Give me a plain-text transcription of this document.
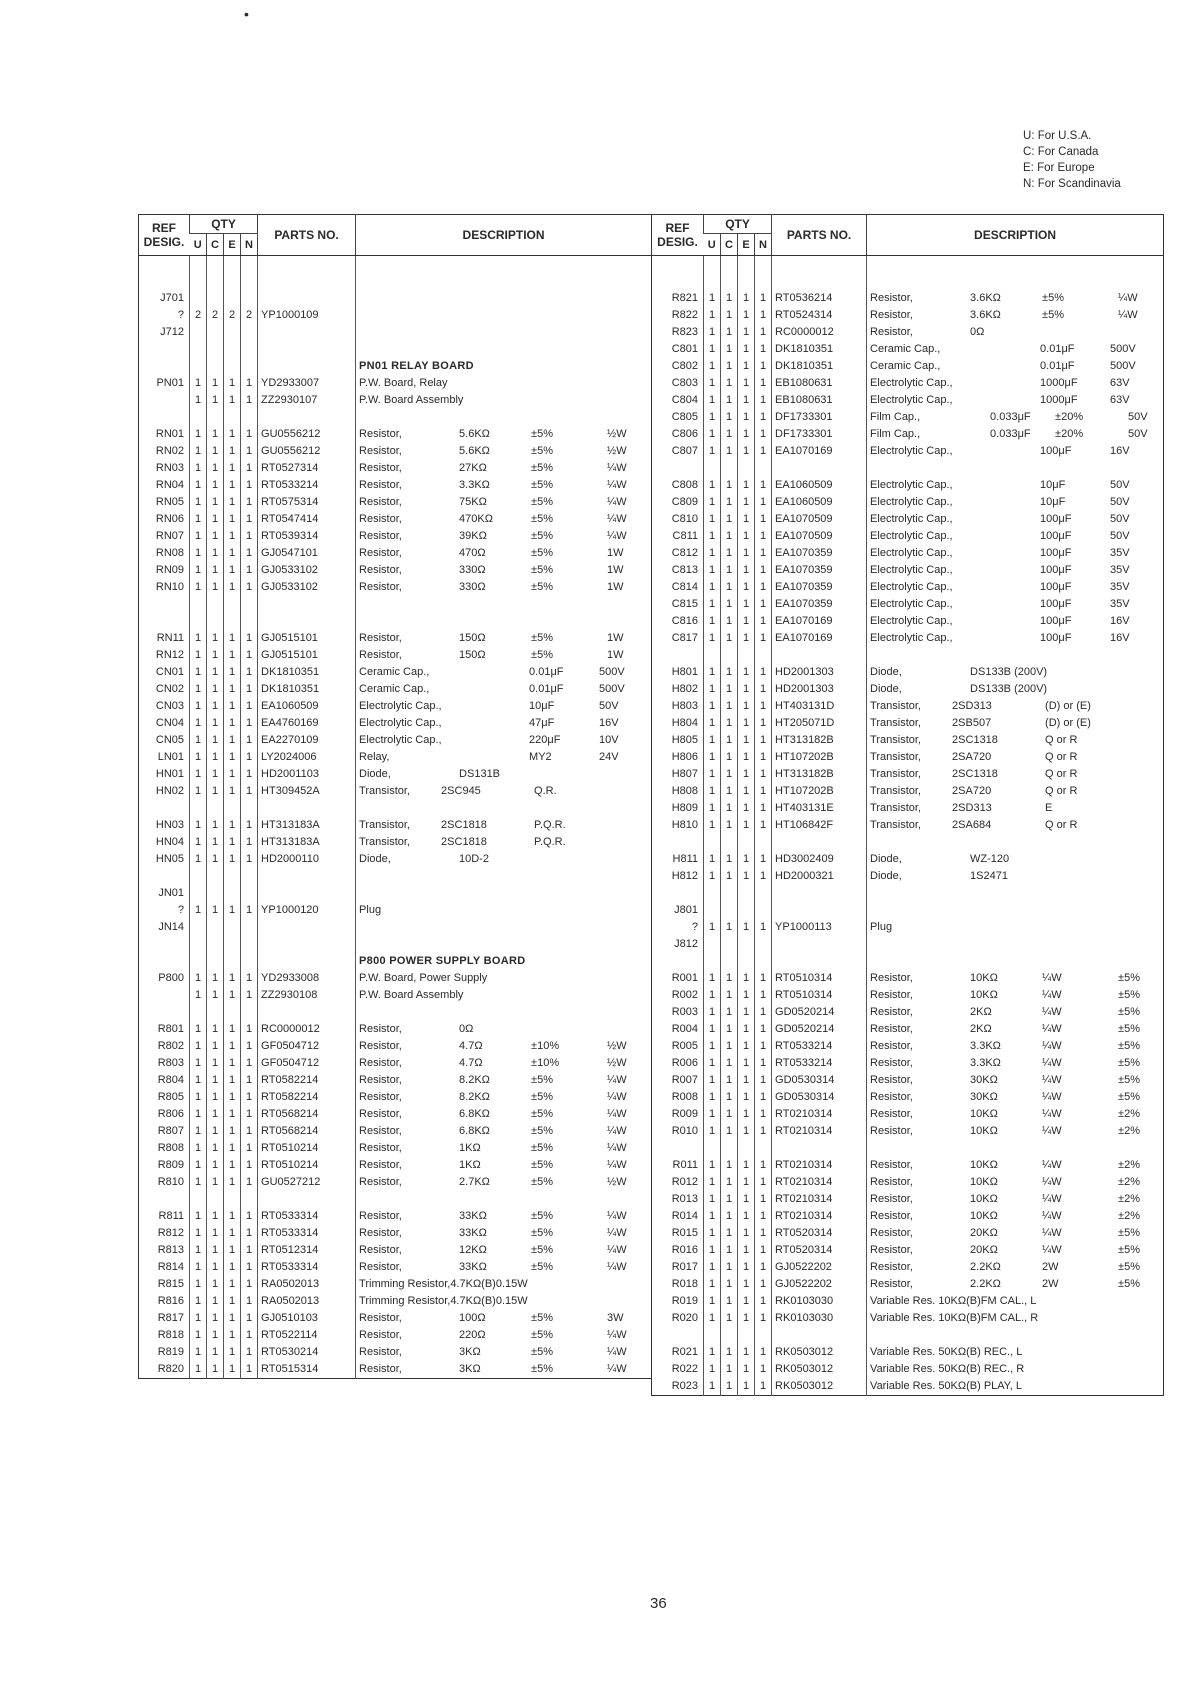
•
U: For U.S.A.
C: For Canada
E: For Europe
N: For Scandinavia
REF
DESIG.	QTY				PARTS NO.	DESCRIPTION
	U	C	E	N		

J701						

?	2	2	2	2	YP1000109	

J712						

						PN01 RELAY BOARD
PN01	1	1	1	1	YD2933007	P.W. Board, Relay

	1	1	1	1	ZZ2930107	P.W. Board Assembly

RN01	1	1	1	1	GU0556212	Resistor, 5.6KΩ ±5% ½W

RN02	1	1	1	1	GU0556212	Resistor, 5.6KΩ ±5% ½W

RN03	1	1	1	1	RT0527314	Resistor, 27KΩ ±5% ¼W

RN04	1	1	1	1	RT0533214	Resistor, 3.3KΩ ±5% ¼W

RN05	1	1	1	1	RT0575314	Resistor, 75KΩ ±5% ¼W

RN06	1	1	1	1	RT0547414	Resistor, 470KΩ ±5% ¼W

RN07	1	1	1	1	RT0539314	Resistor, 39KΩ ±5% ¼W

RN08	1	1	1	1	GJ0547101	Resistor, 470Ω ±5% 1W

RN09	1	1	1	1	GJ0533102	Resistor, 330Ω ±5% 1W

RN10	1	1	1	1	GJ0533102	Resistor, 330Ω ±5% 1W

RN11	1	1	1	1	GJ0515101	Resistor, 150Ω ±5% 1W

RN12	1	1	1	1	GJ0515101	Resistor, 150Ω ±5% 1W

CN01	1	1	1	1	DK1810351	Ceramic Cap., 0.01μF 500V

CN02	1	1	1	1	DK1810351	Ceramic Cap., 0.01μF 500V

CN03	1	1	1	1	EA1060509	Electrolytic Cap., 10μF 50V

CN04	1	1	1	1	EA4760169	Electrolytic Cap., 47μF 16V

CN05	1	1	1	1	EA2270109	Electrolytic Cap., 220μF 10V

LN01	1	1	1	1	LY2024006	Relay, MY2 24V

HN01	1	1	1	1	HD2001103	Diode, DS131B

HN02	1	1	1	1	HT309452A	Transistor, 2SC945 Q.R.

HN03	1	1	1	1	HT313183A	Transistor, 2SC1818 P.Q.R.

HN04	1	1	1	1	HT313183A	Transistor, 2SC1818 P.Q.R.

HN05	1	1	1	1	HD2000110	Diode, 10D-2

JN01						

?	1	1	1	1	YP1000120	Plug

JN14						

						P800 POWER SUPPLY BOARD
P800	1	1	1	1	YD2933008	P.W. Board, Power Supply

	1	1	1	1	ZZ2930108	P.W. Board Assembly

R801	1	1	1	1	RC0000012	Resistor, 0Ω

R802	1	1	1	1	GF0504712	Resistor, 4.7Ω ±10% ½W

R803	1	1	1	1	GF0504712	Resistor, 4.7Ω ±10% ½W

R804	1	1	1	1	RT0582214	Resistor, 8.2KΩ ±5% ¼W

R805	1	1	1	1	RT0582214	Resistor, 8.2KΩ ±5% ¼W

R806	1	1	1	1	RT0568214	Resistor, 6.8KΩ ±5% ¼W

R807	1	1	1	1	RT0568214	Resistor, 6.8KΩ ±5% ¼W

R808	1	1	1	1	RT0510214	Resistor, 1KΩ ±5% ¼W

R809	1	1	1	1	RT0510214	Resistor, 1KΩ ±5% ¼W

R810	1	1	1	1	GU0527212	Resistor, 2.7KΩ ±5% ½W

R811	1	1	1	1	RT0533314	Resistor, 33KΩ ±5% ¼W

R812	1	1	1	1	RT0533314	Resistor, 33KΩ ±5% ¼W

R813	1	1	1	1	RT0512314	Resistor, 12KΩ ±5% ¼W

R814	1	1	1	1	RT0533314	Resistor, 33KΩ ±5% ¼W

R815	1	1	1	1	RA0502013	Trimming Resistor,4.7KΩ(B)0.15W

R816	1	1	1	1	RA0502013	Trimming Resistor,4.7KΩ(B)0.15W

R817	1	1	1	1	GJ0510103	Resistor, 100Ω ±5% 3W

R818	1	1	1	1	RT0522114	Resistor, 220Ω ±5% ¼W

R819	1	1	1	1	RT0530214	Resistor, 3KΩ ±5% ¼W

R820	1	1	1	1	RT0515314	Resistor, 3KΩ ±5% ¼W

REF
DESIG.	QTY				PARTS NO.	DESCRIPTION
	U	C	E	N		

R821	1	1	1	1	RT0536214	Resistor, 3.6KΩ ±5% ¼W

R822	1	1	1	1	RT0524314	Resistor, 3.6KΩ ±5% ¼W

R823	1	1	1	1	RC0000012	Resistor, 0Ω

C801	1	1	1	1	DK1810351	Ceramic Cap., 0.01μF 500V

C802	1	1	1	1	DK1810351	Ceramic Cap., 0.01μF 500V

C803	1	1	1	1	EB1080631	Electrolytic Cap., 1000μF 63V

C804	1	1	1	1	EB1080631	Electrolytic Cap., 1000μF 63V

C805	1	1	1	1	DF1733301	Film Cap., 0.033μF ±20% 50V

C806	1	1	1	1	DF1733301	Film Cap., 0.033μF ±20% 50V

C807	1	1	1	1	EA1070169	Electrolytic Cap., 100μF 16V

C808	1	1	1	1	EA1060509	Electrolytic Cap., 10μF 50V

C809	1	1	1	1	EA1060509	Electrolytic Cap., 10μF 50V

C810	1	1	1	1	EA1070509	Electrolytic Cap., 100μF 50V

C811	1	1	1	1	EA1070509	Electrolytic Cap., 100μF 50V

C812	1	1	1	1	EA1070359	Electrolytic Cap., 100μF 35V

C813	1	1	1	1	EA1070359	Electrolytic Cap., 100μF 35V

C814	1	1	1	1	EA1070359	Electrolytic Cap., 100μF 35V

C815	1	1	1	1	EA1070359	Electrolytic Cap., 100μF 35V

C816	1	1	1	1	EA1070169	Electrolytic Cap., 100μF 16V

C817	1	1	1	1	EA1070169	Electrolytic Cap., 100μF 16V

H801	1	1	1	1	HD2001303	Diode, DS133B (200V)

H802	1	1	1	1	HD2001303	Diode, DS133B (200V)

H803	1	1	1	1	HT403131D	Transistor, 2SD313 (D) or (E)

H804	1	1	1	1	HT205071D	Transistor, 2SB507 (D) or (E)

H805	1	1	1	1	HT313182B	Transistor, 2SC1318 Q or R

H806	1	1	1	1	HT107202B	Transistor, 2SA720 Q or R

H807	1	1	1	1	HT313182B	Transistor, 2SC1318 Q or R

H808	1	1	1	1	HT107202B	Transistor, 2SA720 Q or R

H809	1	1	1	1	HT403131E	Transistor, 2SD313 E

H810	1	1	1	1	HT106842F	Transistor, 2SA684 Q or R

H811	1	1	1	1	HD3002409	Diode, WZ-120

H812	1	1	1	1	HD2000321	Diode, 1S2471

J801						

?	1	1	1	1	YP1000113	Plug

J812						

R001	1	1	1	1	RT0510314	Resistor, 10KΩ ¼W ±5%

R002	1	1	1	1	RT0510314	Resistor, 10KΩ ¼W ±5%

R003	1	1	1	1	GD0520214	Resistor, 2KΩ ¼W ±5%

R004	1	1	1	1	GD0520214	Resistor, 2KΩ ¼W ±5%

R005	1	1	1	1	RT0533214	Resistor, 3.3KΩ ¼W ±5%

R006	1	1	1	1	RT0533214	Resistor, 3.3KΩ ¼W ±5%

R007	1	1	1	1	GD0530314	Resistor, 30KΩ ¼W ±5%

R008	1	1	1	1	GD0530314	Resistor, 30KΩ ¼W ±5%

R009	1	1	1	1	RT0210314	Resistor, 10KΩ ¼W ±2%

R010	1	1	1	1	RT0210314	Resistor, 10KΩ ¼W ±2%

R011	1	1	1	1	RT0210314	Resistor, 10KΩ ¼W ±2%

R012	1	1	1	1	RT0210314	Resistor, 10KΩ ¼W ±2%

R013	1	1	1	1	RT0210314	Resistor, 10KΩ ¼W ±2%

R014	1	1	1	1	RT0210314	Resistor, 10KΩ ¼W ±2%

R015	1	1	1	1	RT0520314	Resistor, 20KΩ ¼W ±5%

R016	1	1	1	1	RT0520314	Resistor, 20KΩ ¼W ±5%

R017	1	1	1	1	GJ0522202	Resistor, 2.2KΩ 2W ±5%

R018	1	1	1	1	GJ0522202	Resistor, 2.2KΩ 2W ±5%

R019	1	1	1	1	RK0103030	Variable Res. 10KΩ(B)FM CAL., L

R020	1	1	1	1	RK0103030	Variable Res. 10KΩ(B)FM CAL., R

R021	1	1	1	1	RK0503012	Variable Res. 50KΩ(B) REC., L

R022	1	1	1	1	RK0503012	Variable Res. 50KΩ(B) REC., R

R023	1	1	1	1	RK0503012	Variable Res. 50KΩ(B) PLAY, L

36
